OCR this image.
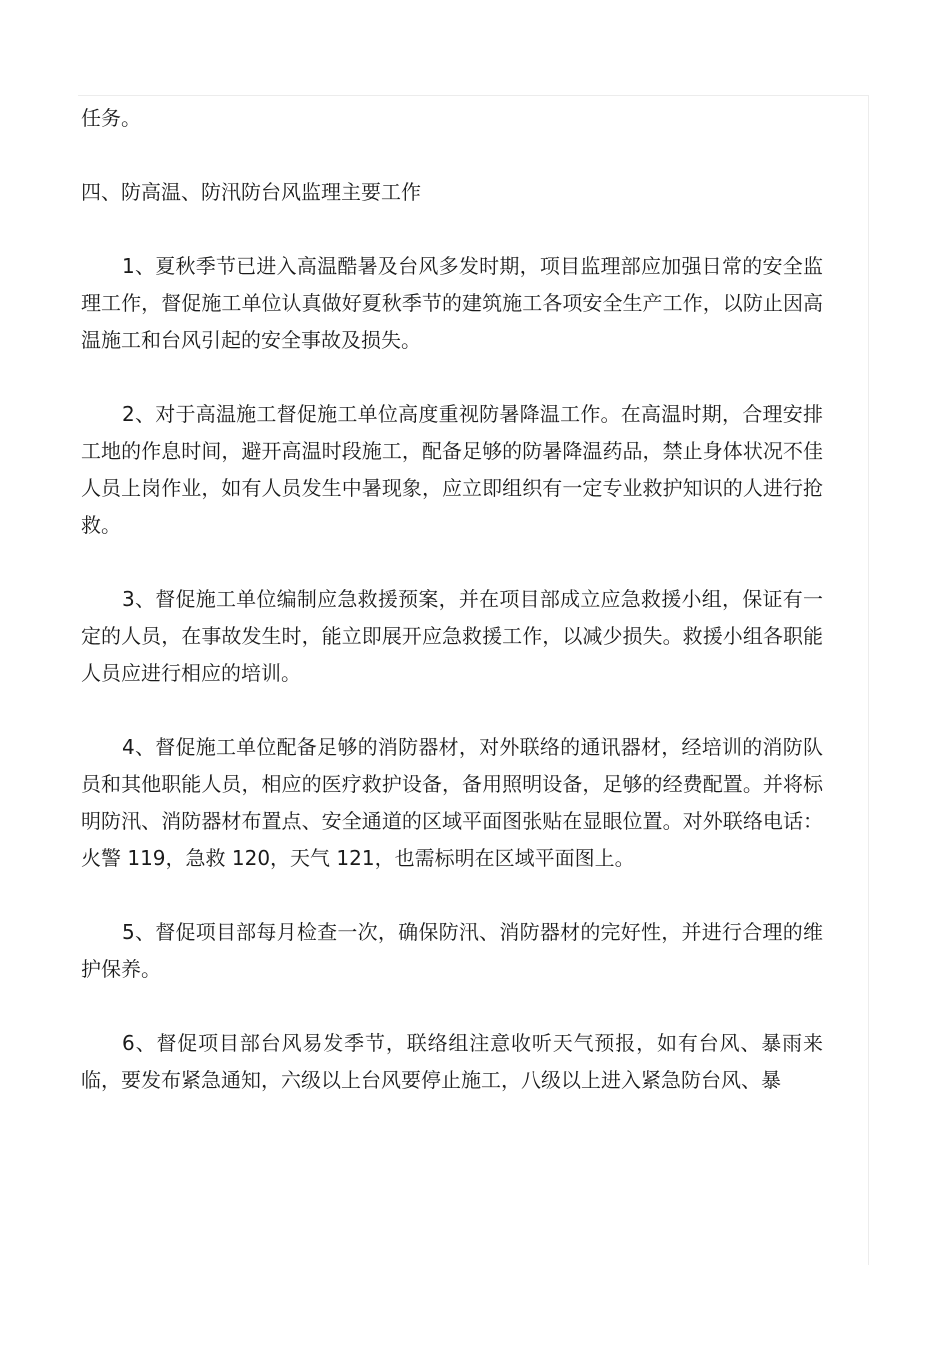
任务。

四、防高温、防汛防台风监理主要工作

1、夏秋季节已进入高温酷暑及台风多发时期，项目监理部应加强日常的安全监理工作，督促施工单位认真做好夏秋季节的建筑施工各项安全生产工作，以防止因高温施工和台风引起的安全事故及损失。

2、对于高温施工督促施工单位高度重视防暑降温工作。在高温时期，合理安排工地的作息时间，避开高温时段施工，配备足够的防暑降温药品，禁止身体状况不佳人员上岗作业，如有人员发生中暑现象，应立即组织有一定专业救护知识的人进行抢救。

3、督促施工单位编制应急救援预案，并在项目部成立应急救援小组，保证有一定的人员，在事故发生时，能立即展开应急救援工作，以减少损失。救援小组各职能人员应进行相应的培训。

4、督促施工单位配备足够的消防器材，对外联络的通讯器材，经培训的消防队员和其他职能人员，相应的医疗救护设备，备用照明设备，足够的经费配置。并将标明防汛、消防器材布置点、安全通道的区域平面图张贴在显眼位置。对外联络电话：火警 119，急救 120，天气 121，也需标明在区域平面图上。

5、督促项目部每月检查一次，确保防汛、消防器材的完好性，并进行合理的维护保养。

6、督促项目部台风易发季节，联络组注意收听天气预报，如有台风、暴雨来临，要发布紧急通知，六级以上台风要停止施工，八级以上进入紧急防台风、暴
